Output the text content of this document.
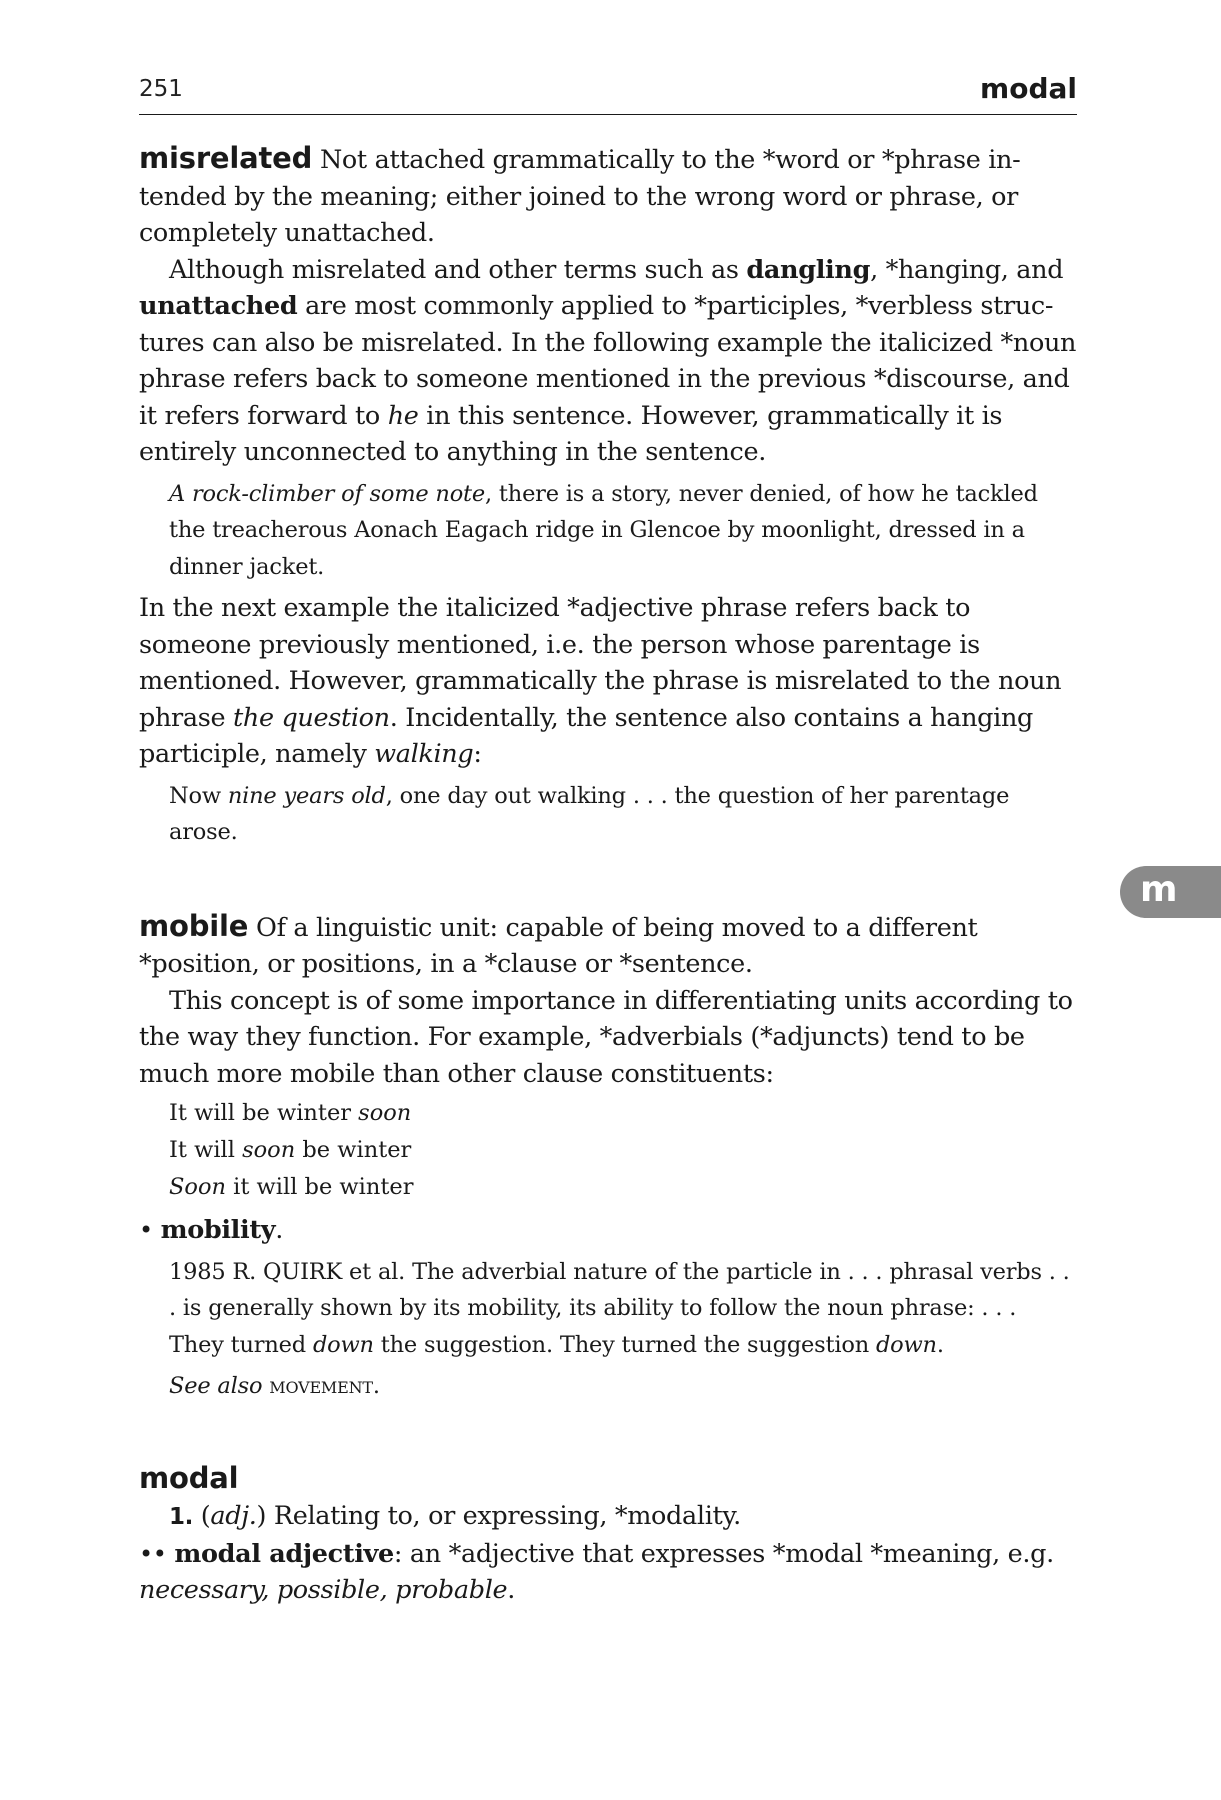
251	modal
m

misrelated Not attached grammatically to the *word or *phrase in-tended by the meaning; either joined to the wrong word or phrase, or completely unattached.

Although misrelated and other terms such as dangling, *hanging, and unattached are most commonly applied to *participles, *verbless struc-tures can also be misrelated. In the following example the italicized *noun phrase refers back to someone mentioned in the previous *discourse, and it refers forward to he in this sentence. However, grammatically it is entirely unconnected to anything in the sentence.

A rock-climber of some note, there is a story, never denied, of how he tackled the treacherous Aonach Eagach ridge in Glencoe by moonlight, dressed in a dinner jacket.

In the next example the italicized *adjective phrase refers back to someone previously mentioned, i.e. the person whose parentage is mentioned. However, grammatically the phrase is misrelated to the noun phrase the question. Incidentally, the sentence also contains a hanging participle, namely walking:

Now nine years old, one day out walking . . . the question of her parentage arose.

mobile Of a linguistic unit: capable of being moved to a different *position, or positions, in a *clause or *sentence.

This concept is of some importance in differentiating units according to the way they function. For example, *adverbials (*adjuncts) tend to be much more mobile than other clause constituents:

It will be winter soon

It will soon be winter

Soon it will be winter

• mobility.

1985 R. QUIRK et al. The adverbial nature of the particle in . . . phrasal verbs . . . is generally shown by its mobility, its ability to follow the noun phrase: . . . They turned down the suggestion. They turned the suggestion down.

See also movement.

modal

1. (adj.) Relating to, or expressing, *modality.

•• modal adjective: an *adjective that expresses *modal *meaning, e.g. necessary, possible, probable.
